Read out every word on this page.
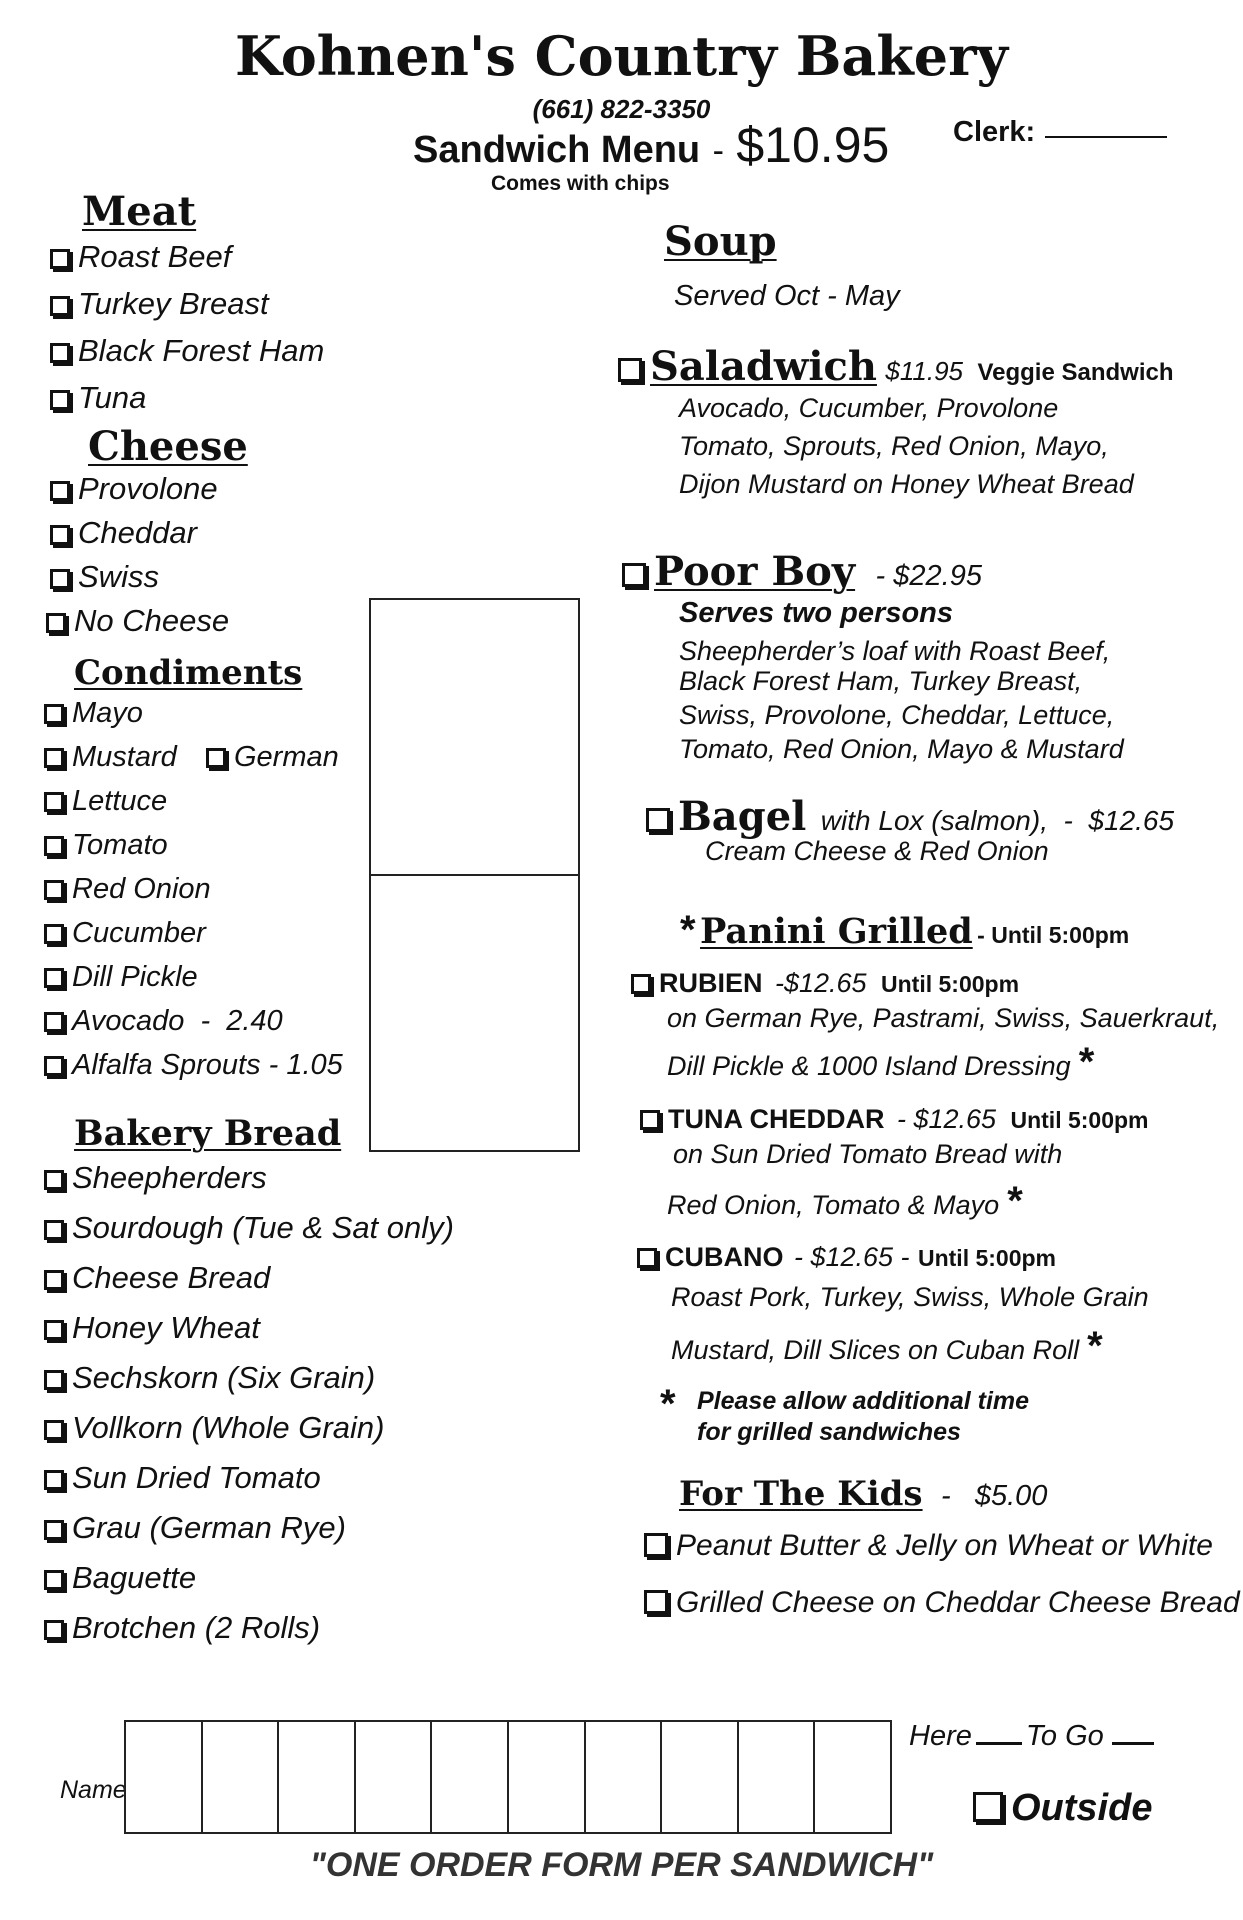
Kohnen's Country Bakery
(661) 822-3350
Sandwich Menu - $10.95
Comes with chips
Clerk:
Meat
Roast Beef
Turkey Breast
Black Forest Ham
Tuna
Cheese
Provolone
Cheddar
Swiss
No Cheese
Condiments
Mayo
Mustard	German
Lettuce
Tomato
Red Onion
Cucumber
Dill Pickle
Avocado  -  2.40
Alfalfa Sprouts - 1.05
Bakery Bread
Sheepherders
Sourdough (Tue & Sat only)
Cheese Bread
Honey Wheat
Sechskorn (Six Grain)
Vollkorn (Whole Grain)
Sun Dried Tomato
Grau (German Rye)
Baguette
Brotchen (2 Rolls)
Soup
Served Oct - May
Saladwich $11.95 Veggie Sandwich
Avocado, Cucumber, Provolone
Tomato, Sprouts, Red Onion, Mayo,
Dijon Mustard on Honey Wheat Bread
Poor Boy - $22.95
Serves two persons
Sheepherder’s loaf with Roast Beef,
Black Forest Ham, Turkey Breast,
Swiss, Provolone, Cheddar, Lettuce,
Tomato, Red Onion, Mayo & Mustard
Bagel with Lox (salmon),  -  $12.65
Cream Cheese & Red Onion
* Panini Grilled - Until 5:00pm
RUBIEN -$12.65 Until 5:00pm
on German Rye, Pastrami, Swiss, Sauerkraut,
Dill Pickle & 1000 Island Dressing *
TUNA CHEDDAR - $12.65 Until 5:00pm
on Sun Dried Tomato Bread with
Red Onion, Tomato & Mayo *
CUBANO - $12.65 - Until 5:00pm
Roast Pork, Turkey, Swiss, Whole Grain
Mustard, Dill Slices on Cuban Roll *
* Please allow additional time
for grilled sandwiches
For The Kids -   $5.00
Peanut Butter & Jelly on Wheat or White
Grilled Cheese on Cheddar Cheese Bread
Name
Here To Go
Outside
"ONE ORDER FORM PER SANDWICH"
